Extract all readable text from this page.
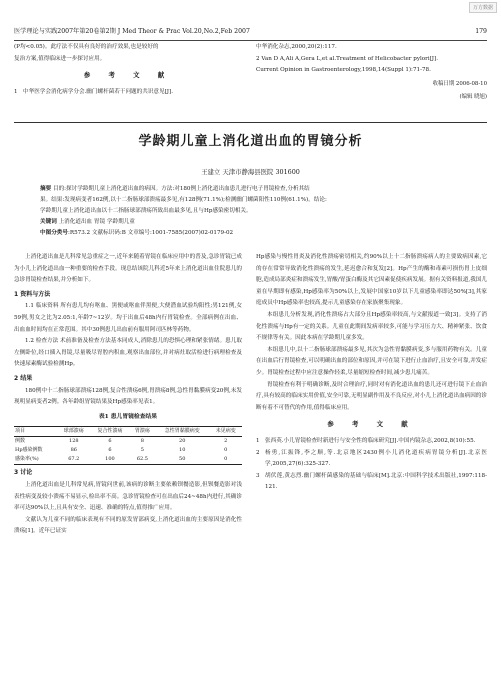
万方数据
医学理论与实践2007年第20卷第2期 J Med Theor & Prac Vol.20,No.2,Feb 2007	179
(P均<0.05)。此疗法不仅具有良好的治疗效果,也是较好的
复治方案,值得临床进一步探讨应用。
参 考 文 献
1 中华医学会消化病学分会.幽门螺杆菌若干问题的共识意见[J].
中华消化杂志,2000,20(2):117.
2 Van D A,Ali A,Gera L,et al.Treatment of Helicobacter pylori[J].
Current Opinion in Gastroenterology,1998,14(Suppl 1):71-78.
收稿日期 2006-08-10
(编辑 晓旭)
学龄期儿童上消化道出血的胃镜分析
王建立 天津市静海县医院 301600

摘要 目的:探讨学龄期儿童上消化道出血的病因。方法:对180例上消化道出血患儿进行电子胃镜检查,分析其结

果。结果:发现病变者162例,以十二指肠球部溃疡最多见,有128例(71.1%);检测幽门螺菌阳性110例(61.1%)。结论:

学龄期儿童上消化道出血以十二指肠球部溃疡所致出血最多见,且与Hp感染密切相关。

关键词 上消化道出血 胃镜 学龄期儿童

中图分类号:R573.2 文献标识码:B 文章编号:1001-7585(2007)02-0179-02

上消化道出血是儿科常见急重症之一,近年来随着胃镜在临床应用中的普及,急诊胃镜已成为小儿上消化道出血一种重要的检查手段。现总结该院儿科近5年来上消化道出血住院患儿的急诊胃镜检查结果,并分析如下。

1 资料与方法

1.1 临床资料 所有患儿均有呕血、黑便或呕血伴黑便,大便潜血试验均阳性;男121例,女59例,男女之比为2.05:1,年龄7~12岁。均于出血后48h内行胃镜检查。全部病例在出血、出血血时间均在正常范围。其中30例患儿出血前有服用阿司匹林等药物。

1.2 检查方法 术前准备及检查方法基本同成人,消除患儿的恐惧心理和紧张情绪。患儿取左侧卧位,经口插入胃镜,尽量吸尽胃腔内积血,观察出血部位,并对病灶取活检进行病理检查及快速尿素酶试验检测Hp。

2 结果

180例中十二指肠球部溃疡128例,复合性溃疡6例,胃溃疡8例,急性胃黏膜病变20例,未发现明显病变者2例。各年龄组胃镜结果及Hp感染率见表1。

表1 患儿胃镜检查结果
项目	球部溃疡	复合性溃疡	胃溃疡	急性胃黏膜病变	未见病变
例数	128	6	8	20	2
Hp感染例数	86	6	5	10	0
感染率(%)	67.2	100	62.5	50	0
3 讨论

上消化道出血是儿科常见病,胃镜问世前,该病的诊断主要依赖钡餐造影,但钡餐造影对浅表性病变及较小溃疡不易显示,检出率不高。急诊胃镜检查可在出血后24~48h内进行,其确诊率可达90%以上,且具有安全、迅速、准确的特点,值得推广应用。

文献认为儿童不同的临床表现有不同的原发胃部病变,上消化道出血的主要原因是消化性溃疡[1]。近年已证实

Hp感染与慢性胃炎及消化性溃疡密切相关,约90%以上十二指肠溃疡病人的主要致病因素,它的存在常常导致消化性溃疡的发生,延迟愈合和复发[2]。Hp产生的酶和毒素可损伤胃上皮细胞,造成局部炎症和溃疡发生,胃酸/胃蛋白酶及其它因素促使疾病发展。据有关资料报道,我国儿童在早期即有感染,Hp感染率为50%以上,发展中国家10岁以下儿童感染率即达50%[3],其家庭成员中Hp感染率也较高,提示儿童感染存在家族聚集现象。

本组患儿分析发现,消化性溃疡占大部分且Hp感染率较高,与文献报道一致[3]。支持了消化性溃疡与Hp有一定的关系。儿童在此期间发病率较多,可能与学习压力大、精神紧张、饮食不规律等有关。因此本病在学龄期儿童多发。

本组患儿中,以十二指肠球部溃疡最多见,其次为急性胃黏膜病变,多与服用药物有关。儿童在出血后行胃镜检查,可以明确出血的部位和原因,并可在镜下进行止血治疗,且安全可靠,并发症少。胃镜检查过程中应注意操作轻柔,尽量缩短检查时间,减少患儿痛苦。

胃镜检查有利于明确诊断,及时合理治疗,同时对有消化道出血的患儿还可进行镜下止血治疗,具有较高的临床实用价值,安全可靠,无明显副作用及不良反应,对小儿上消化道出血病因的诊断有着不可替代的作用,值得临床应用。

参 考 文 献
1 张西英.小儿胃镜检查时新进行与安全性的临床研究[J].中国内镜杂志,2002,8(10):55.
2 杨勇,江振锋,李之顺,等.北京地区2430例小儿消化道疾病胃镜分析[J].北京医学,2005,27(6):325-327.
3 胡伏莲,黄志烈.幽门螺杆菌感染的基础与临床[M].北京:中国科学技术出版社,1997:118-121.
